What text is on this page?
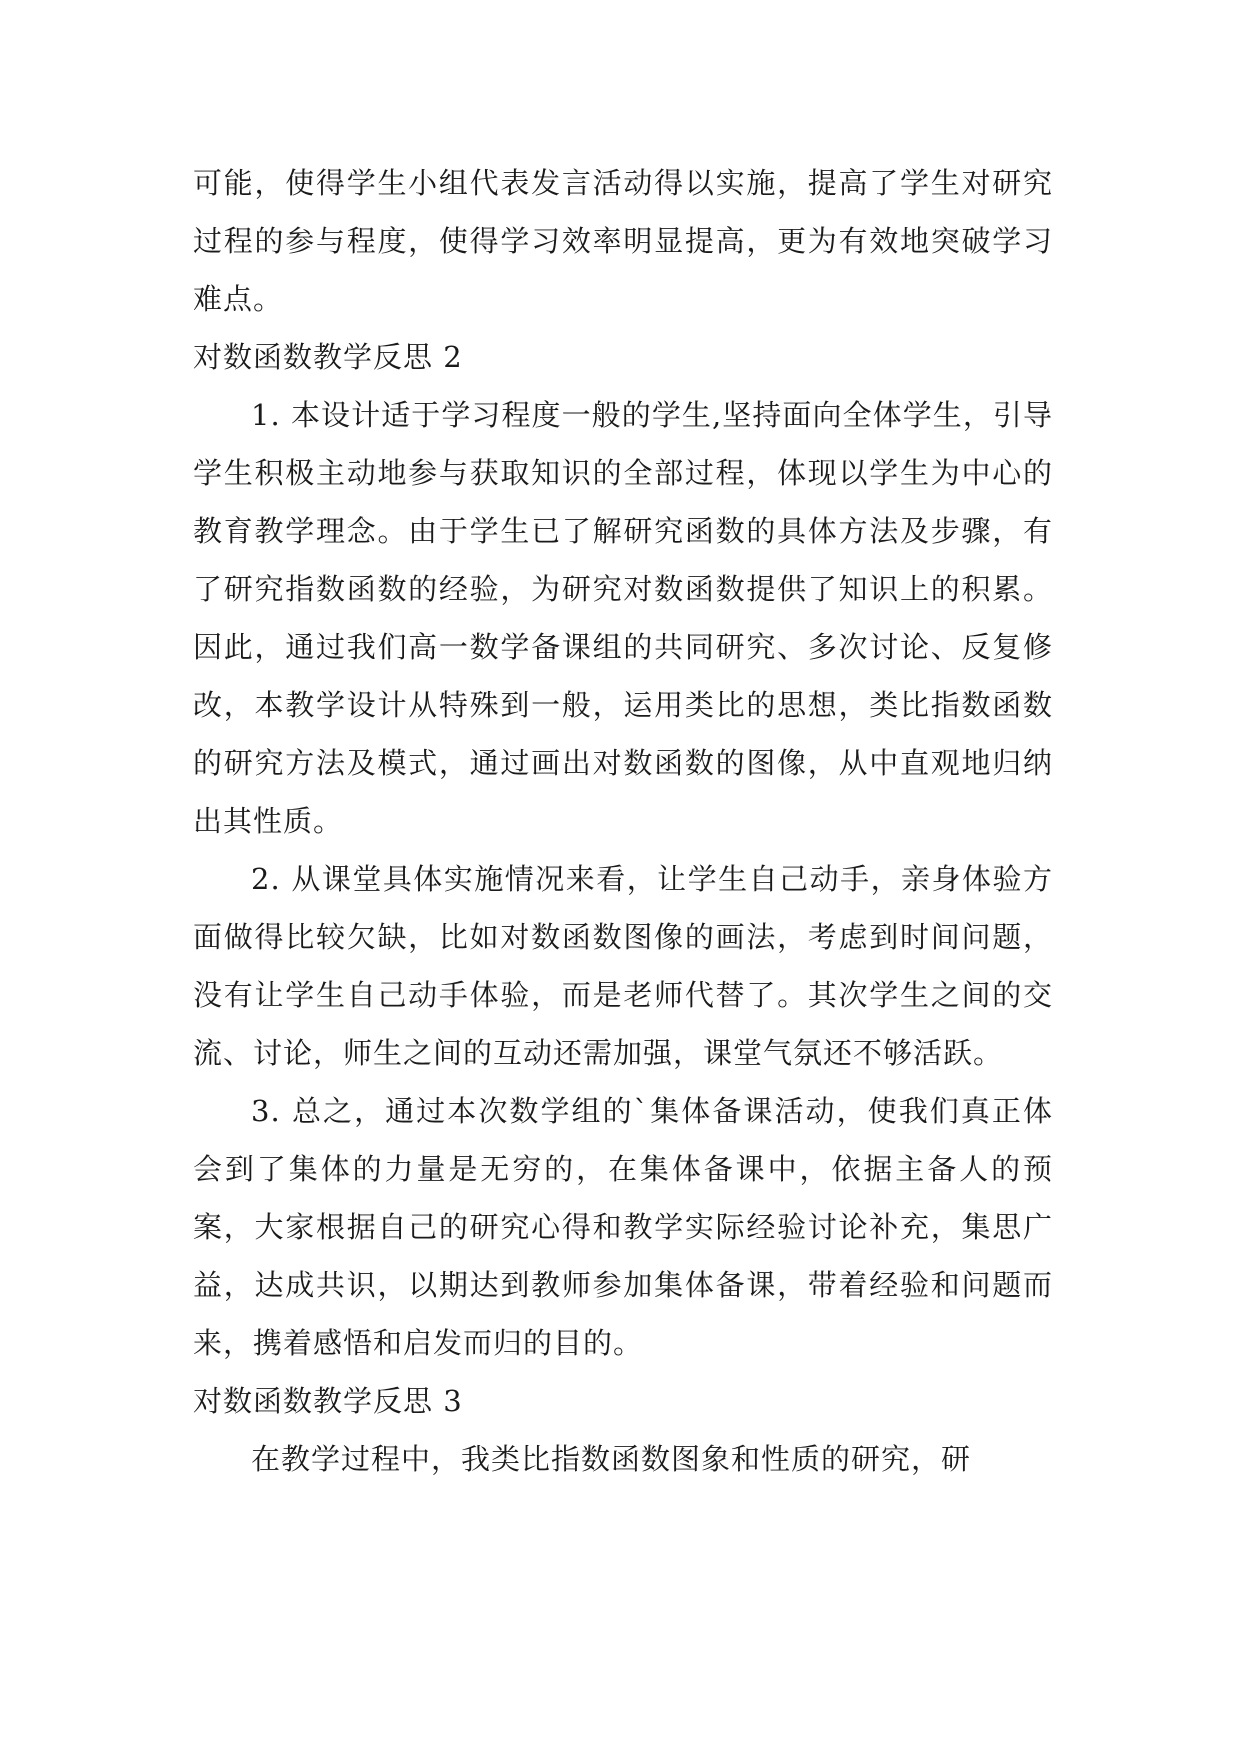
可能，使得学生小组代表发言活动得以实施，提高了学生对研究过程的参与程度，使得学习效率明显提高，更为有效地突破学习难点。

对数函数教学反思 2

1. 本设计适于学习程度一般的学生,坚持面向全体学生，引导学生积极主动地参与获取知识的全部过程，体现以学生为中心的教育教学理念。由于学生已了解研究函数的具体方法及步骤，有了研究指数函数的经验，为研究对数函数提供了知识上的积累。因此，通过我们高一数学备课组的共同研究、多次讨论、反复修改，本教学设计从特殊到一般，运用类比的思想，类比指数函数的研究方法及模式，通过画出对数函数的图像，从中直观地归纳出其性质。

2. 从课堂具体实施情况来看，让学生自己动手，亲身体验方面做得比较欠缺，比如对数函数图像的画法，考虑到时间问题，没有让学生自己动手体验，而是老师代替了。其次学生之间的交流、讨论，师生之间的互动还需加强，课堂气氛还不够活跃。

3. 总之，通过本次数学组的`集体备课活动，使我们真正体会到了集体的力量是无穷的，在集体备课中，依据主备人的预案，大家根据自己的研究心得和教学实际经验讨论补充，集思广益，达成共识，以期达到教师参加集体备课，带着经验和问题而来，携着感悟和启发而归的目的。

对数函数教学反思 3

在教学过程中，我类比指数函数图象和性质的研究，研
